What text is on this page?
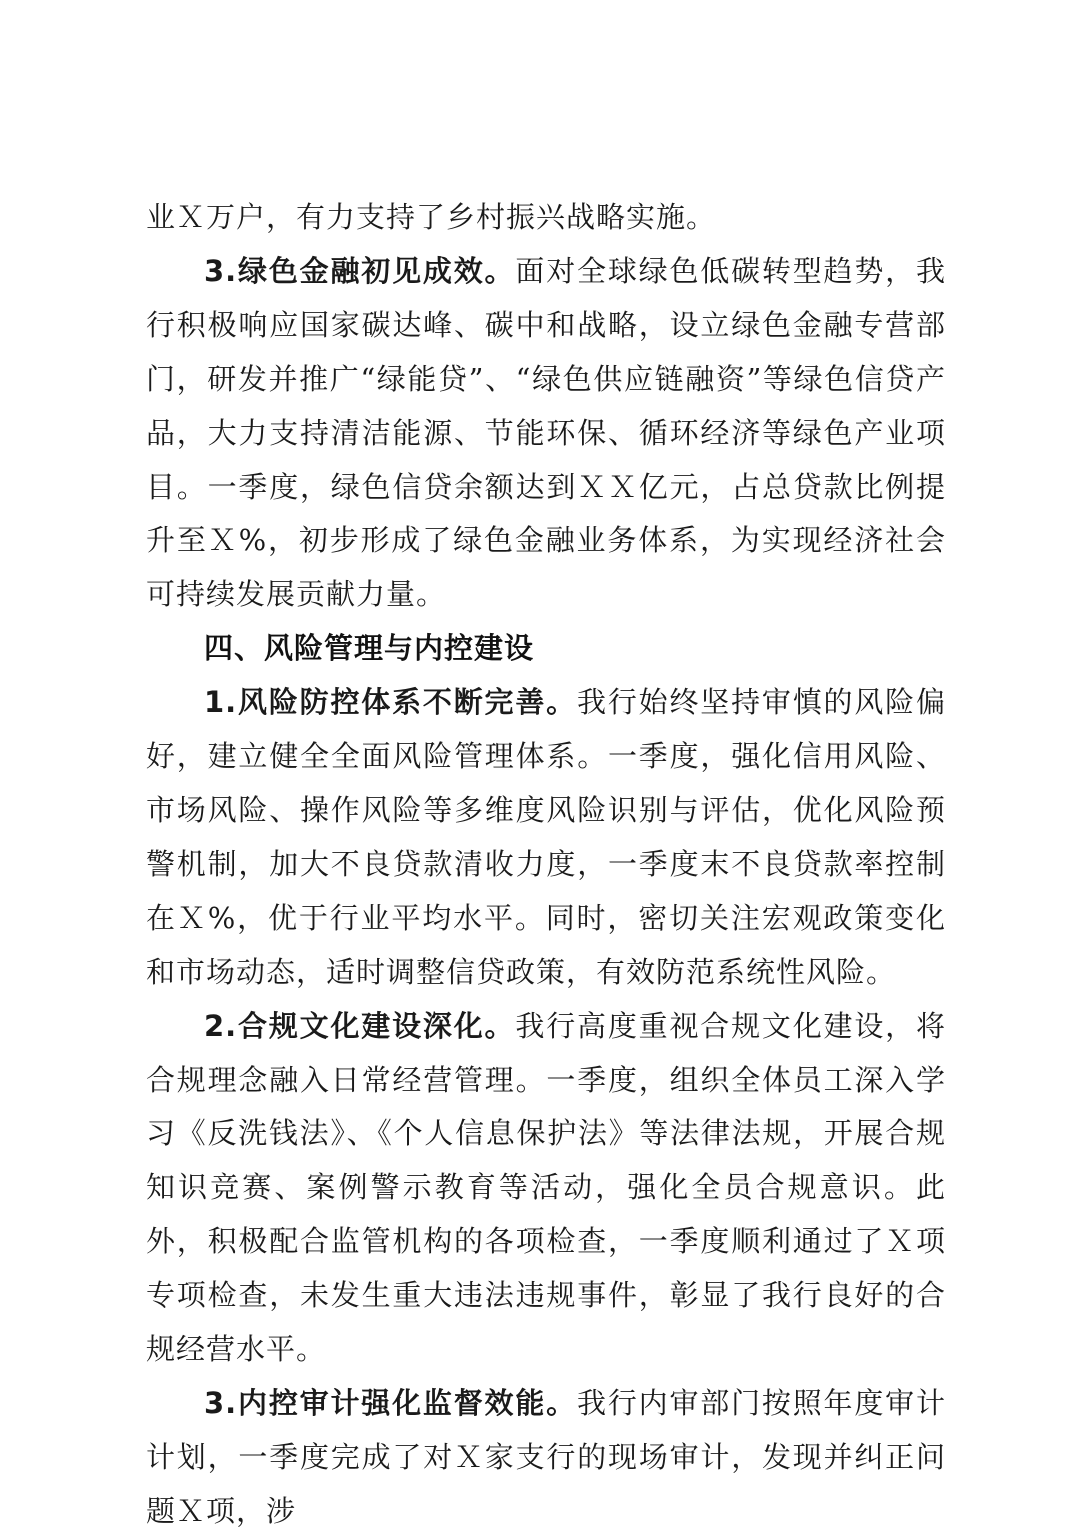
业Ｘ万户，有力支持了乡村振兴战略实施。

3.绿色金融初见成效。面对全球绿色低碳转型趋势，我行积极响应国家碳达峰、碳中和战略，设立绿色金融专营部门，研发并推广“绿能贷”、“绿色供应链融资”等绿色信贷产品，大力支持清洁能源、节能环保、循环经济等绿色产业项目。一季度，绿色信贷余额达到ＸＸ亿元，占总贷款比例提升至Ｘ%，初步形成了绿色金融业务体系，为实现经济社会可持续发展贡献力量。

四、风险管理与内控建设

1.风险防控体系不断完善。我行始终坚持审慎的风险偏好，建立健全全面风险管理体系。一季度，强化信用风险、市场风险、操作风险等多维度风险识别与评估，优化风险预警机制，加大不良贷款清收力度，一季度末不良贷款率控制在Ｘ%，优于行业平均水平。同时，密切关注宏观政策变化和市场动态，适时调整信贷政策，有效防范系统性风险。

2.合规文化建设深化。我行高度重视合规文化建设，将合规理念融入日常经营管理。一季度，组织全体员工深入学习《反洗钱法》、《个人信息保护法》等法律法规，开展合规知识竞赛、案例警示教育等活动，强化全员合规意识。此外，积极配合监管机构的各项检查，一季度顺利通过了Ｘ项专项检查，未发生重大违法违规事件，彰显了我行良好的合规经营水平。

3.内控审计强化监督效能。我行内审部门按照年度审计计划，一季度完成了对Ｘ家支行的现场审计，发现并纠正问题Ｘ项，涉
